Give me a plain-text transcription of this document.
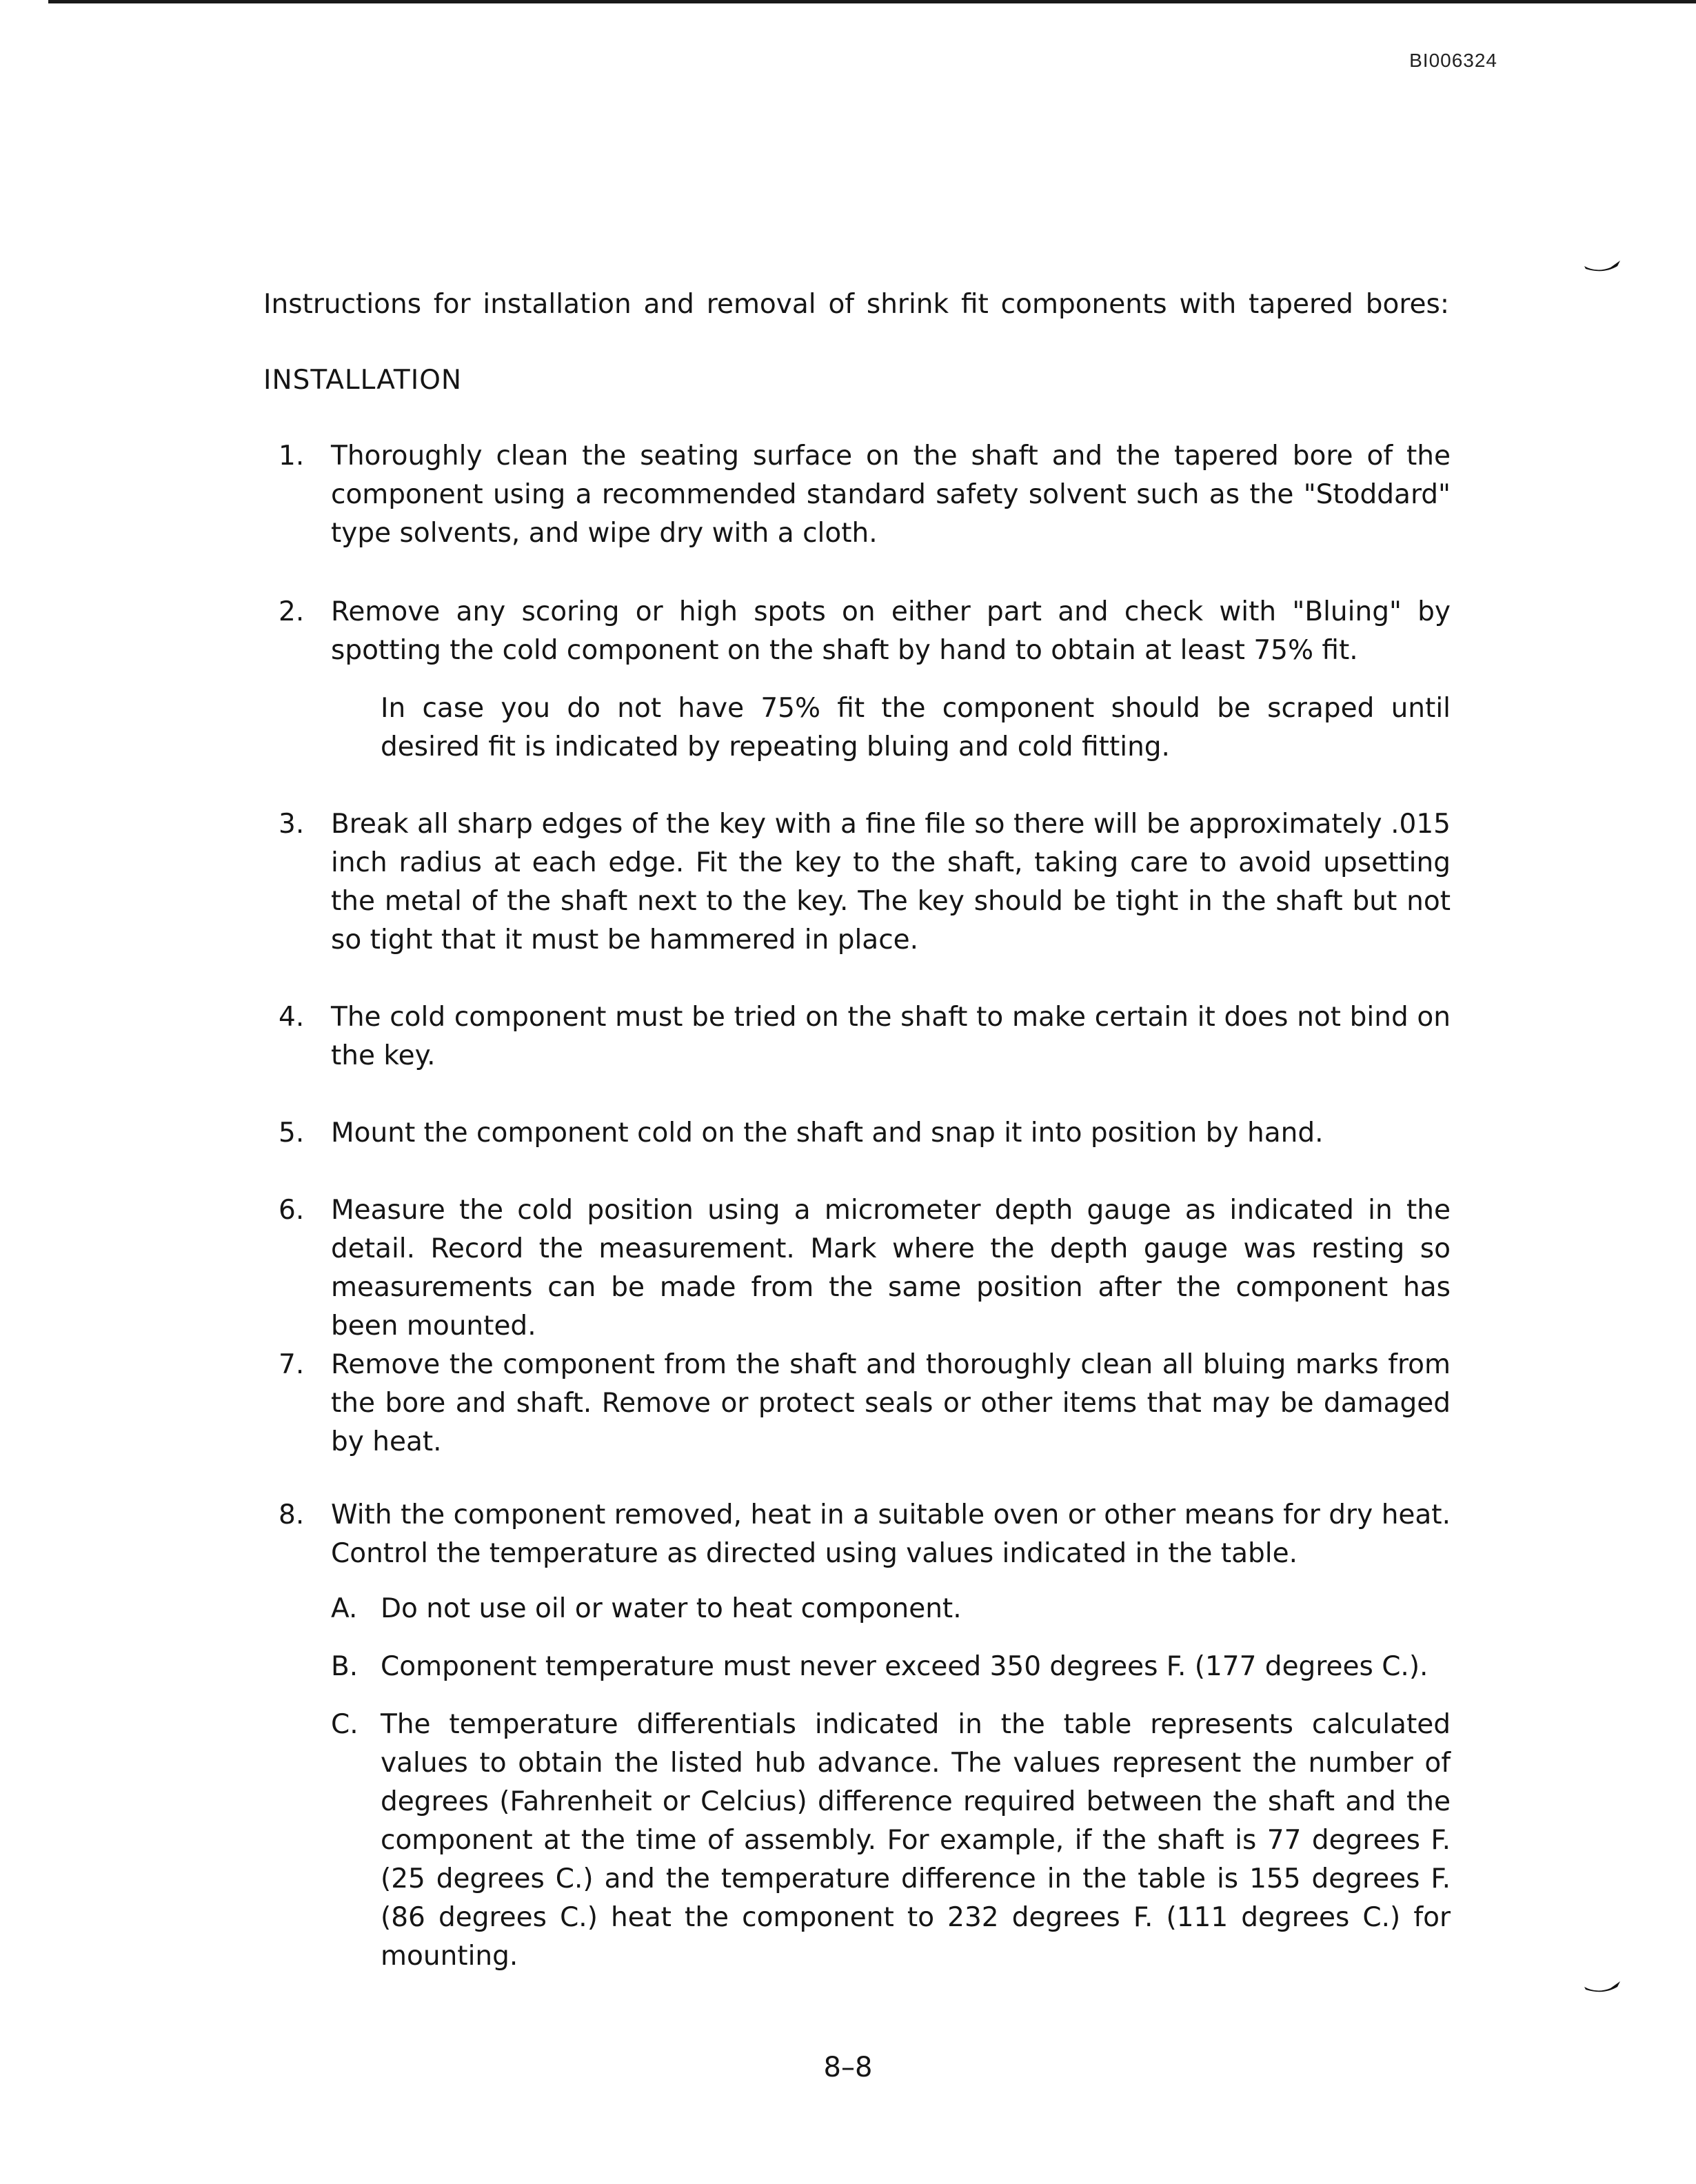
BI006324
Instructions for installation and removal of shrink fit components with tapered bores:
INSTALLATION
1. Thoroughly clean the seating surface on the shaft and the tapered bore of the component using a recommended standard safety solvent such as the "Stoddard" type solvents, and wipe dry with a cloth.
2. Remove any scoring or high spots on either part and check with "Bluing" by spotting the cold component on the shaft by hand to obtain at least 75% fit.
In case you do not have 75% fit the component should be scraped until desired fit is indicated by repeating bluing and cold fitting.
3. Break all sharp edges of the key with a fine file so there will be approximately .015 inch radius at each edge. Fit the key to the shaft, taking care to avoid upsetting the metal of the shaft next to the key. The key should be tight in the shaft but not so tight that it must be hammered in place.
4. The cold component must be tried on the shaft to make certain it does not bind on the key.
5. Mount the component cold on the shaft and snap it into position by hand.
6. Measure the cold position using a micrometer depth gauge as indicated in the detail. Record the measurement. Mark where the depth gauge was resting so measurements can be made from the same position after the component has been mounted.
7. Remove the component from the shaft and thoroughly clean all bluing marks from the bore and shaft. Remove or protect seals or other items that may be damaged by heat.
8. With the component removed, heat in a suitable oven or other means for dry heat. Control the temperature as directed using values indicated in the table.
A. Do not use oil or water to heat component.
B. Component temperature must never exceed 350 degrees F. (177 degrees C.).
C. The temperature differentials indicated in the table represents calculated values to obtain the listed hub advance. The values represent the number of degrees (Fahrenheit or Celcius) difference required between the shaft and the component at the time of assembly. For example, if the shaft is 77 degrees F. (25 degrees C.) and the temperature difference in the table is 155 degrees F. (86 degrees C.) heat the component to 232 degrees F. (111 degrees C.) for mounting.
8–8
